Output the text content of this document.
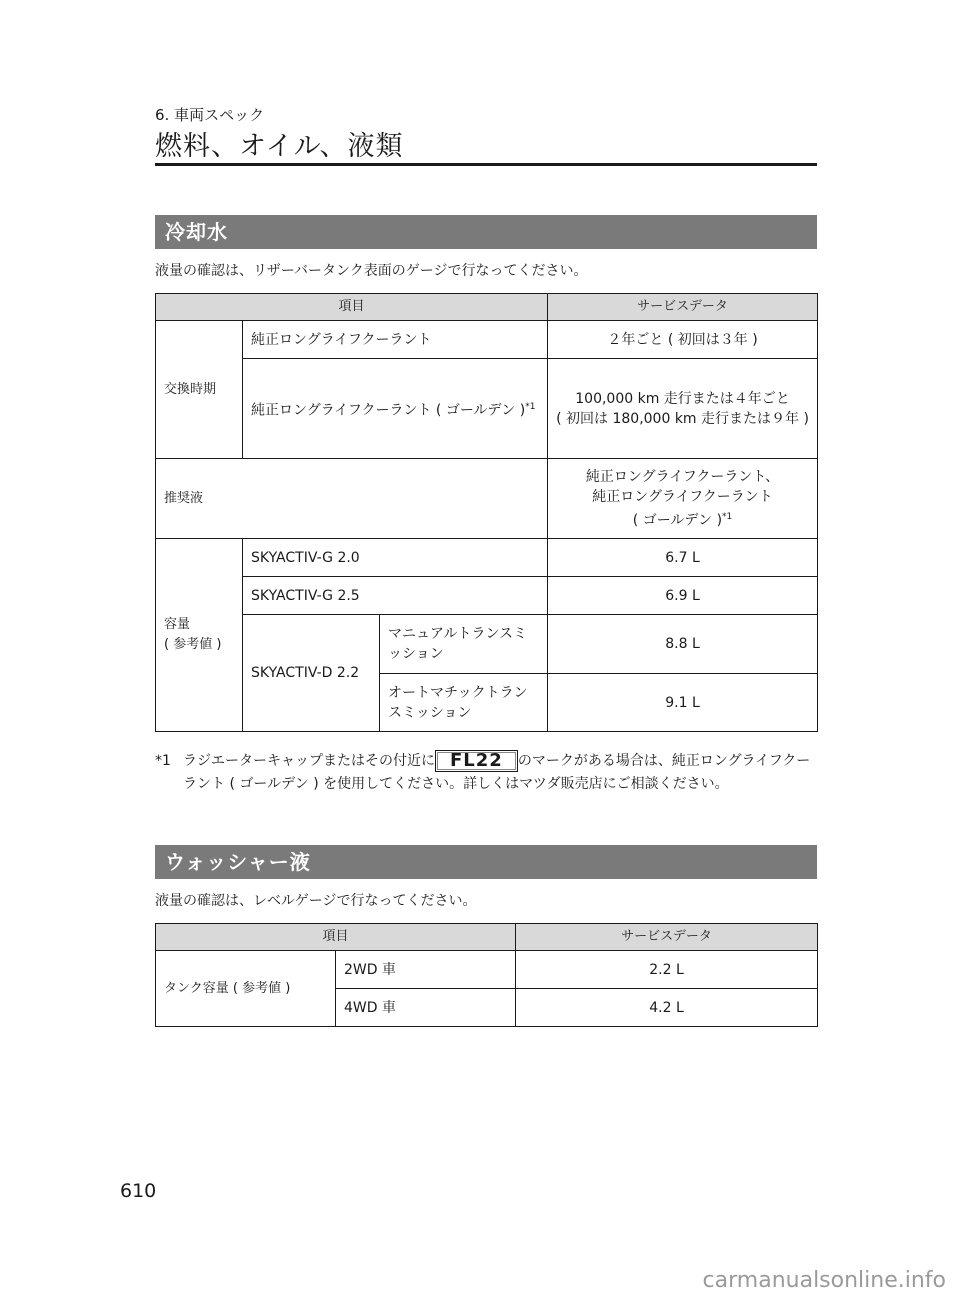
6. 車両スペック
燃料、オイル、液類
冷却水
液量の確認は、リザーバータンク表面のゲージで行なってください。
項目			サービスデータ
交換時期	純正ロングライフクーラント		２年ごと ( 初回は３年 )
	純正ロングライフクーラント ( ゴールデン )$^{*1}$		100,000 km 走行または４年ごと
( 初回は 180,000 km 走行または９年 )

推奨液			純正ロングライフクーラント、
純正ロングライフクーラント
( ゴールデン )$^{*1}$

容量
( 参考値 )	SKYACTIV-G 2.0		6.7 L
	SKYACTIV-G 2.5		6.9 L
	SKYACTIV-D 2.2	マニュアルトランスミッション	8.8 L
		オートマチックトランスミッション	9.1 L
*1 ラジエーターキャップまたはその付近に FL22 のマークがある場合は、純正ロングライフクーラント ( ゴールデン ) を使用してください。詳しくはマツダ販売店にご相談ください。
ウォッシャー液
液量の確認は、レベルゲージで行なってください。
項目		サービスデータ
タンク容量 ( 参考値 )	2WD 車	2.2 L
	4WD 車	4.2 L
610
carmanualsonline.info
